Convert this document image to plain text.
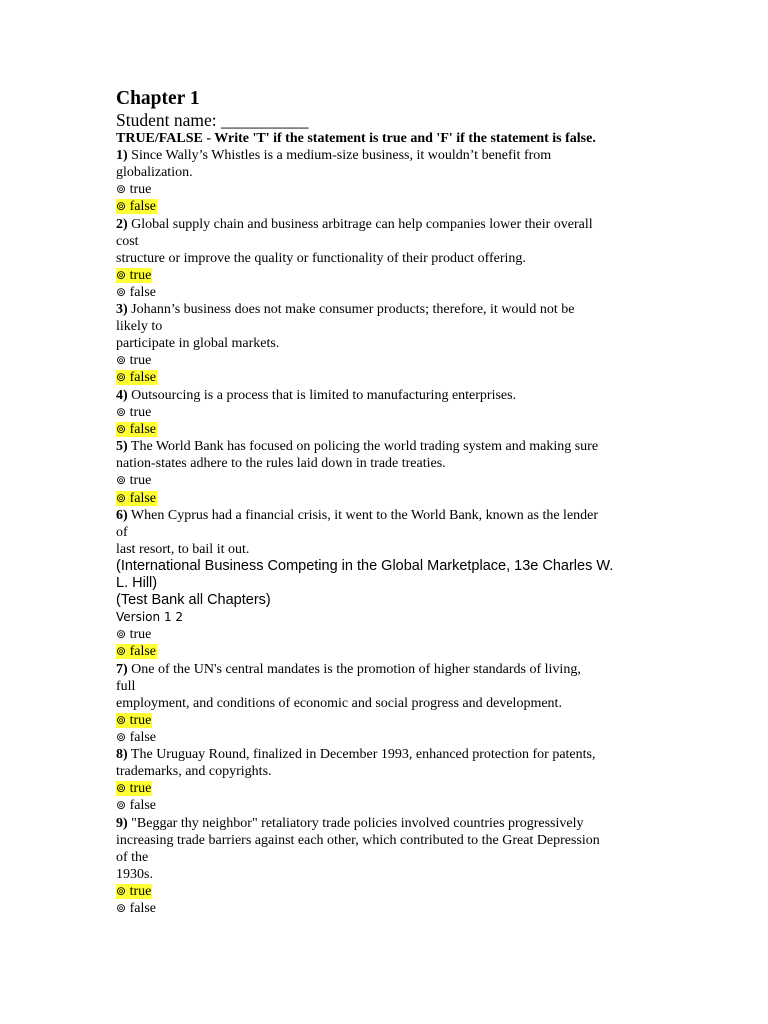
Chapter 1

Student name: __________

TRUE/FALSE - Write 'T' if the statement is true and 'F' if the statement is false.

1) Since Wally’s Whistles is a medium-size business, it wouldn’t benefit from

globalization.

⊚ true

⊚ false

2) Global supply chain and business arbitrage can help companies lower their overall

cost

structure or improve the quality or functionality of their product offering.

⊚ true

⊚ false

3) Johann’s business does not make consumer products; therefore, it would not be

likely to

participate in global markets.

⊚ true

⊚ false

4) Outsourcing is a process that is limited to manufacturing enterprises.

⊚ true

⊚ false

5) The World Bank has focused on policing the world trading system and making sure

nation-states adhere to the rules laid down in trade treaties.

⊚ true

⊚ false

6) When Cyprus had a financial crisis, it went to the World Bank, known as the lender

of

last resort, to bail it out.

(International Business Competing in the Global Marketplace, 13e Charles W.

L. Hill)

(Test Bank all Chapters)

Version 1 2

⊚ true

⊚ false

7) One of the UN's central mandates is the promotion of higher standards of living,

full

employment, and conditions of economic and social progress and development.

⊚ true

⊚ false

8) The Uruguay Round, finalized in December 1993, enhanced protection for patents,

trademarks, and copyrights.

⊚ true

⊚ false

9) "Beggar thy neighbor" retaliatory trade policies involved countries progressively

increasing trade barriers against each other, which contributed to the Great Depression

of the

1930s.

⊚ true

⊚ false
